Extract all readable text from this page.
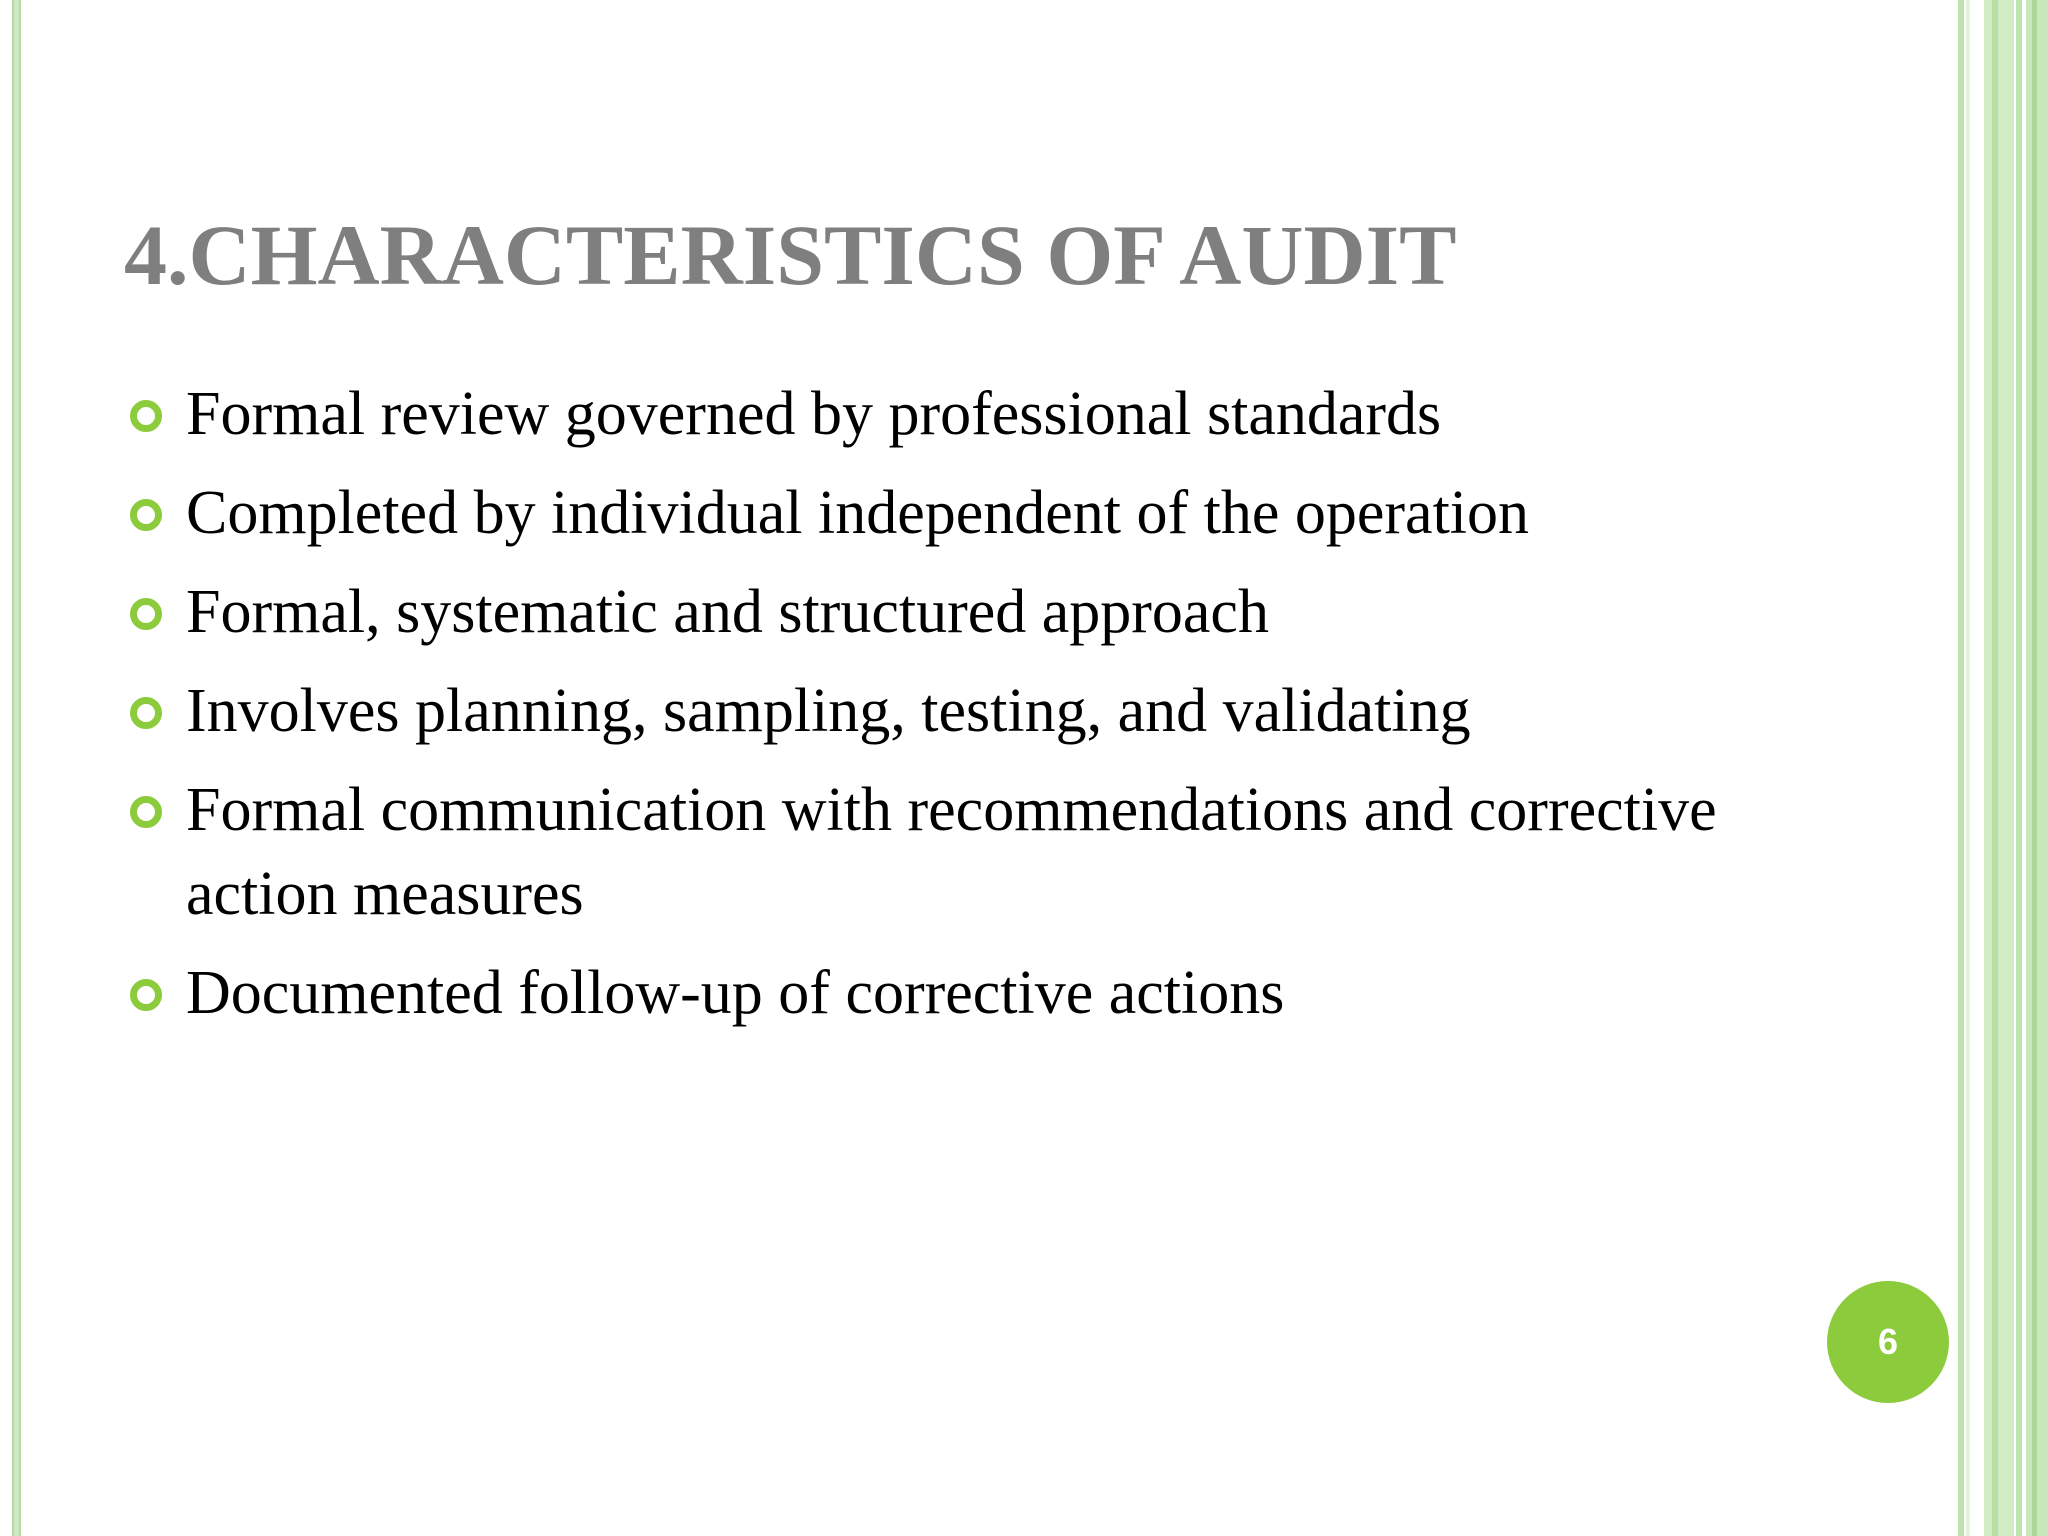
4.CHARACTERISTICS OF AUDIT
Formal review governed by professional standards
Completed by individual independent of the operation
Formal, systematic and structured approach
Involves planning, sampling, testing, and validating
Formal communication with recommendations and corrective action measures
Documented follow-up of corrective actions
6
